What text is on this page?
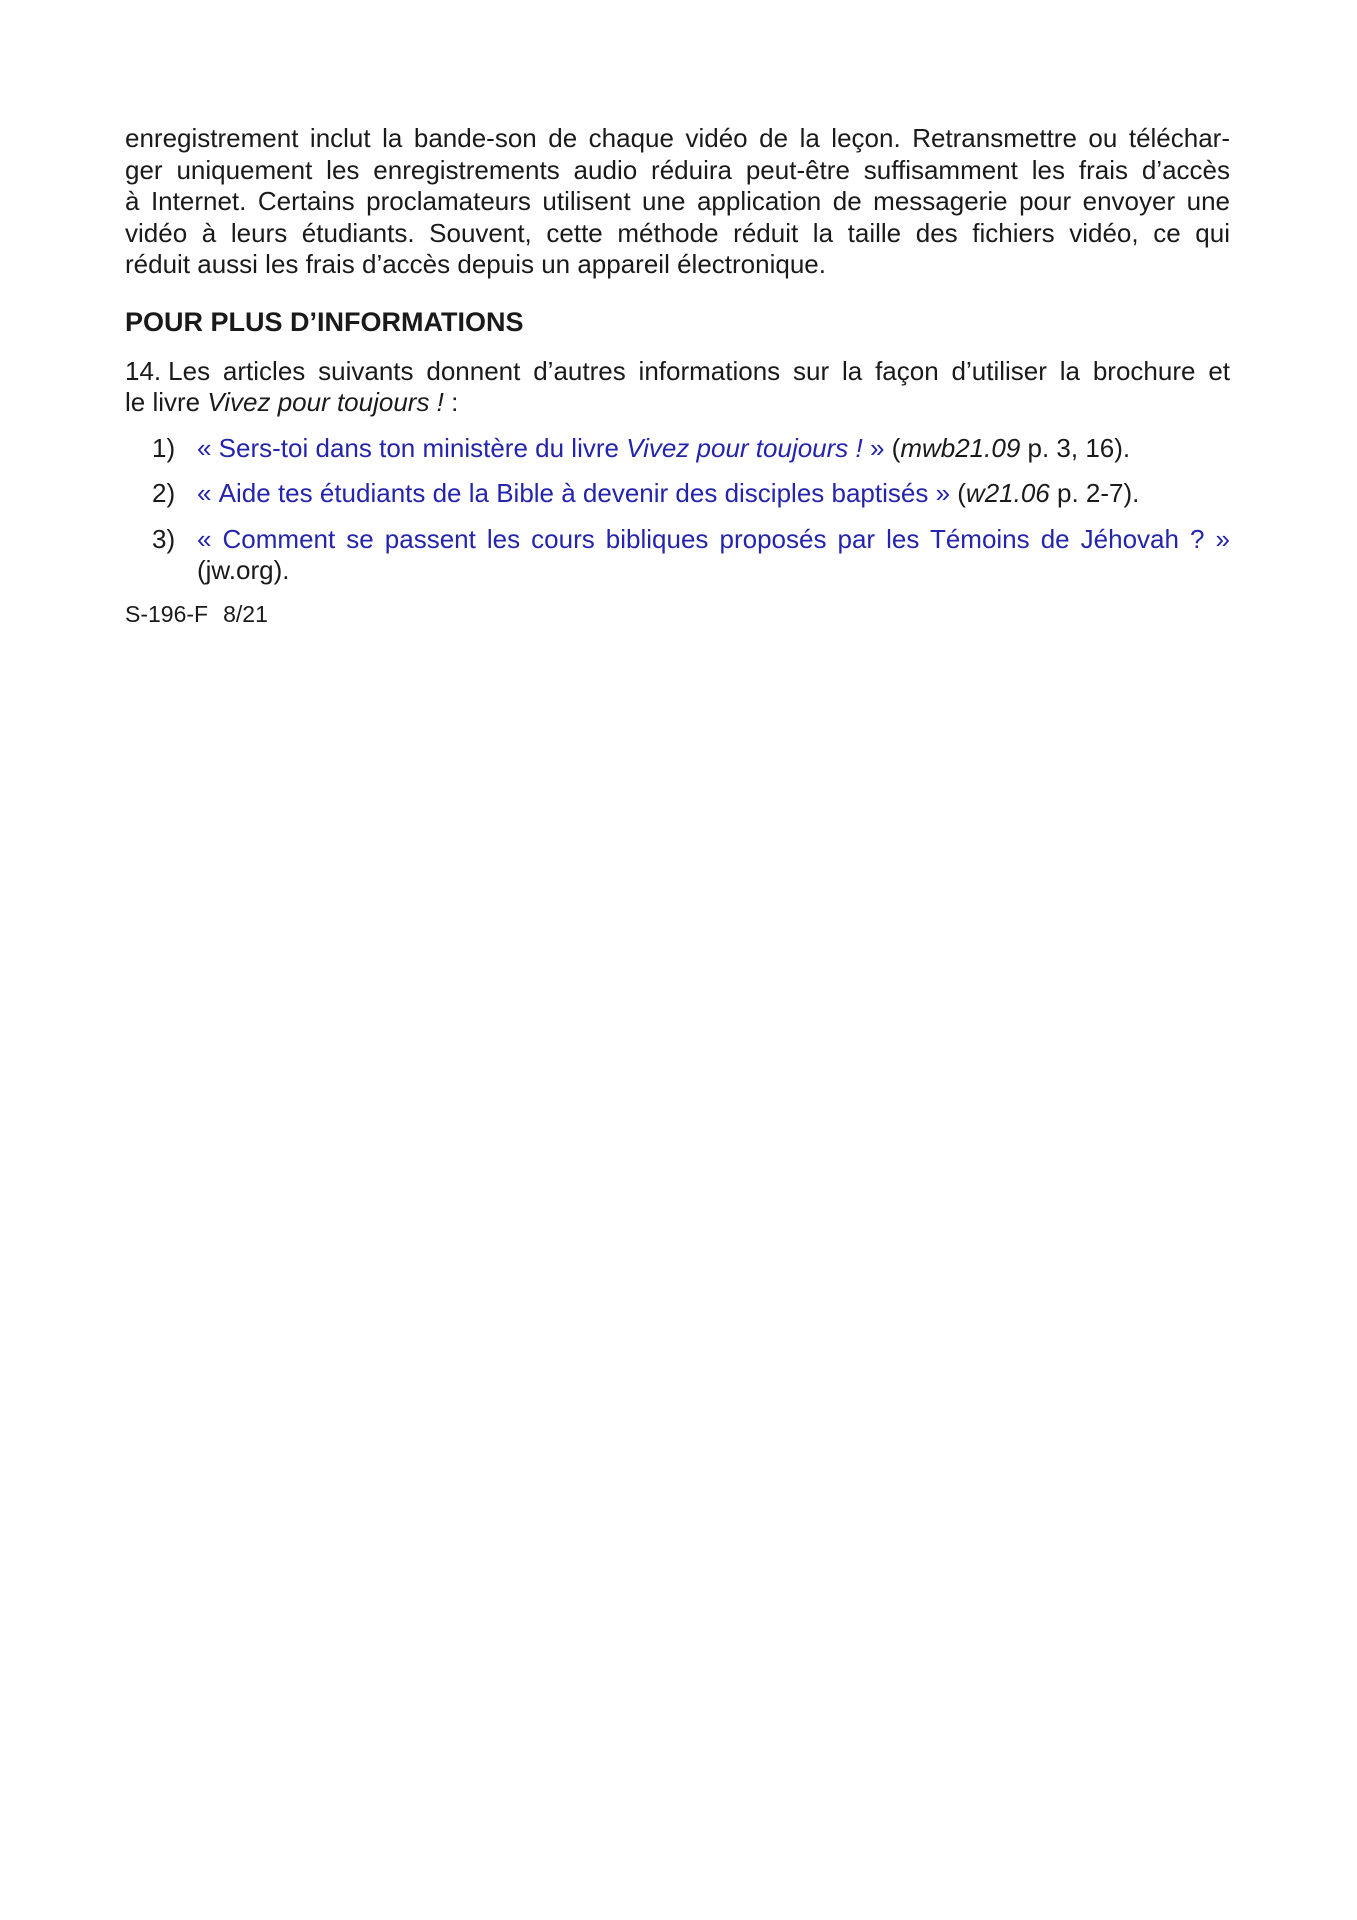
enregistrement inclut la bande-son de chaque vidéo de la leçon. Retransmettre ou téléchar-
ger uniquement les enregistrements audio réduira peut-être suffisamment les frais d’accès
à Internet. Certains proclamateurs utilisent une application de messagerie pour envoyer une
vidéo à leurs étudiants. Souvent, cette méthode réduit la taille des fichiers vidéo, ce qui
réduit aussi les frais d’accès depuis un appareil électronique.
POUR PLUS D’INFORMATIONS
14. Les articles suivants donnent d’autres informations sur la façon d’utiliser la brochure et
le livre Vivez pour toujours ! :
1) « Sers-toi dans ton ministère du livre Vivez pour toujours ! » (mwb21.09 p. 3, 16).
2) « Aide tes étudiants de la Bible à devenir des disciples baptisés » (w21.06 p. 2-7).
3) « Comment se passent les cours bibliques proposés par les Témoins de Jéhovah ? » (jw.org).
S-196-F 8/21
